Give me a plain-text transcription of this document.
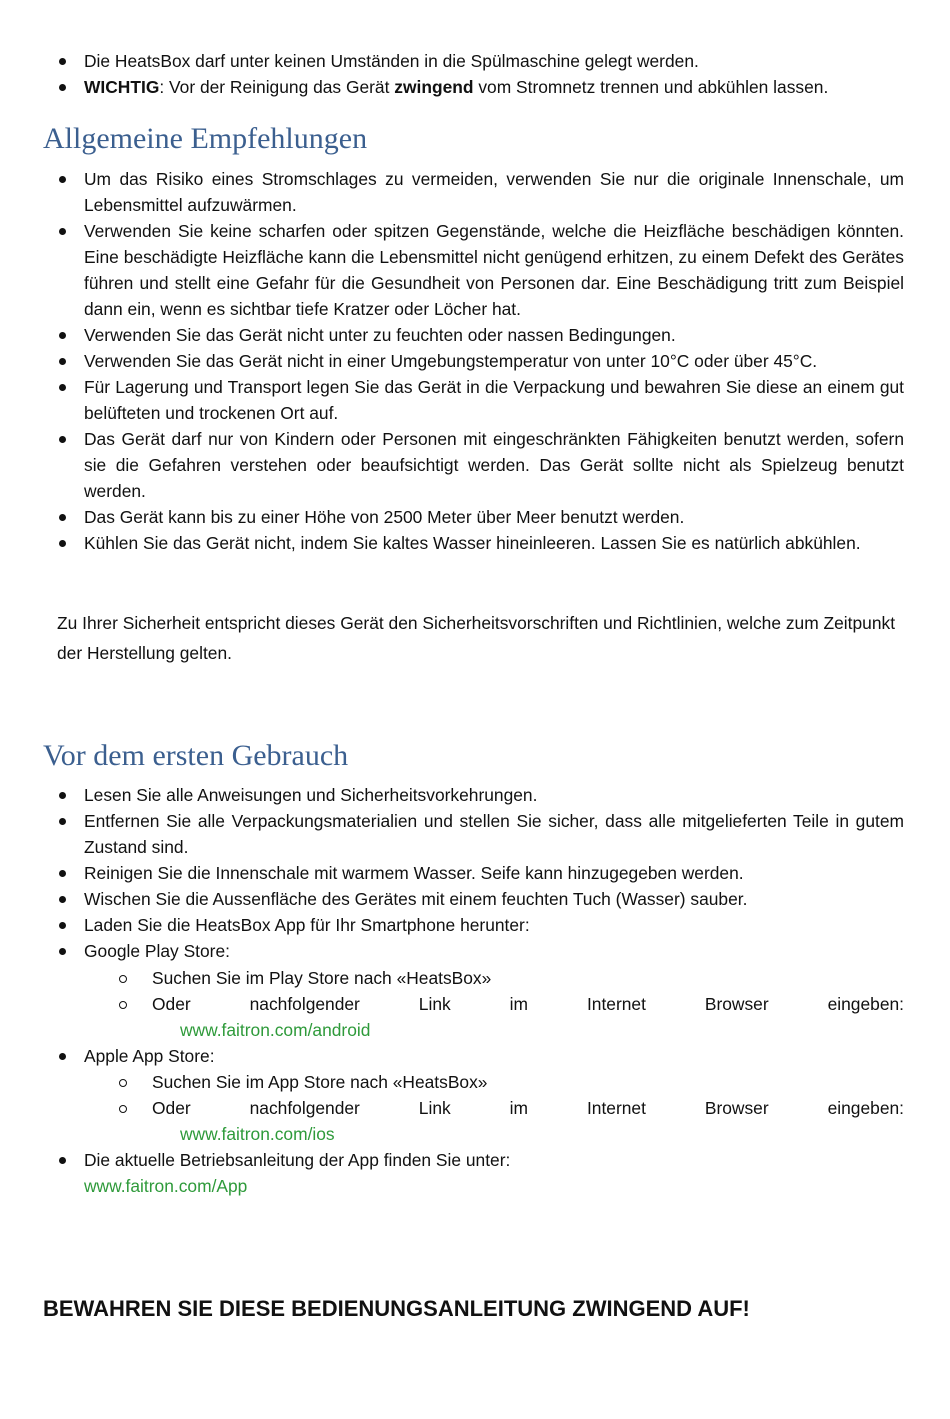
Die HeatsBox darf unter keinen Umständen in die Spülmaschine gelegt werden.
WICHTIG: Vor der Reinigung das Gerät zwingend vom Stromnetz trennen und abkühlen lassen.
Allgemeine Empfehlungen
Um das Risiko eines Stromschlages zu vermeiden, verwenden Sie nur die originale Innenschale, um Lebensmittel aufzuwärmen.
Verwenden Sie keine scharfen oder spitzen Gegenstände, welche die Heizfläche beschädigen könnten. Eine beschädigte Heizfläche kann die Lebensmittel nicht genügend erhitzen, zu einem Defekt des Gerätes führen und stellt eine Gefahr für die Gesundheit von Personen dar. Eine Beschädigung tritt zum Beispiel dann ein, wenn es sichtbar tiefe Kratzer oder Löcher hat.
Verwenden Sie das Gerät nicht unter zu feuchten oder nassen Bedingungen.
Verwenden Sie das Gerät nicht in einer Umgebungstemperatur von unter 10°C oder über 45°C.
Für Lagerung und Transport legen Sie das Gerät in die Verpackung und bewahren Sie diese an einem gut belüfteten und trockenen Ort auf.
Das Gerät darf nur von Kindern oder Personen mit eingeschränkten Fähigkeiten benutzt werden, sofern sie die Gefahren verstehen oder beaufsichtigt werden. Das Gerät sollte nicht als Spielzeug benutzt werden.
Das Gerät kann bis zu einer Höhe von 2500 Meter über Meer benutzt werden.
Kühlen Sie das Gerät nicht, indem Sie kaltes Wasser hineinleeren. Lassen Sie es natürlich abkühlen.

Zu Ihrer Sicherheit entspricht dieses Gerät den Sicherheitsvorschriften und Richtlinien, welche zum Zeitpunkt der Herstellung gelten.

Vor dem ersten Gebrauch
Lesen Sie alle Anweisungen und Sicherheitsvorkehrungen.
Entfernen Sie alle Verpackungsmaterialien und stellen Sie sicher, dass alle mitgelieferten Teile in gutem Zustand sind.
Reinigen Sie die Innenschale mit warmem Wasser. Seife kann hinzugegeben werden.
Wischen Sie die Aussenfläche des Gerätes mit einem feuchten Tuch (Wasser) sauber.
Laden Sie die HeatsBox App für Ihr Smartphone herunter:
Google Play Store:
Suchen Sie im Play Store nach «HeatsBox»
Oder nachfolgender Link im Internet Browser eingeben:
www.faitron.com/android
Apple App Store:
Suchen Sie im App Store nach «HeatsBox»
Oder nachfolgender Link im Internet Browser eingeben:
www.faitron.com/ios
Die aktuelle Betriebsanleitung der App finden Sie unter:
www.faitron.com/App

BEWAHREN SIE DIESE BEDIENUNGSANLEITUNG ZWINGEND AUF!
